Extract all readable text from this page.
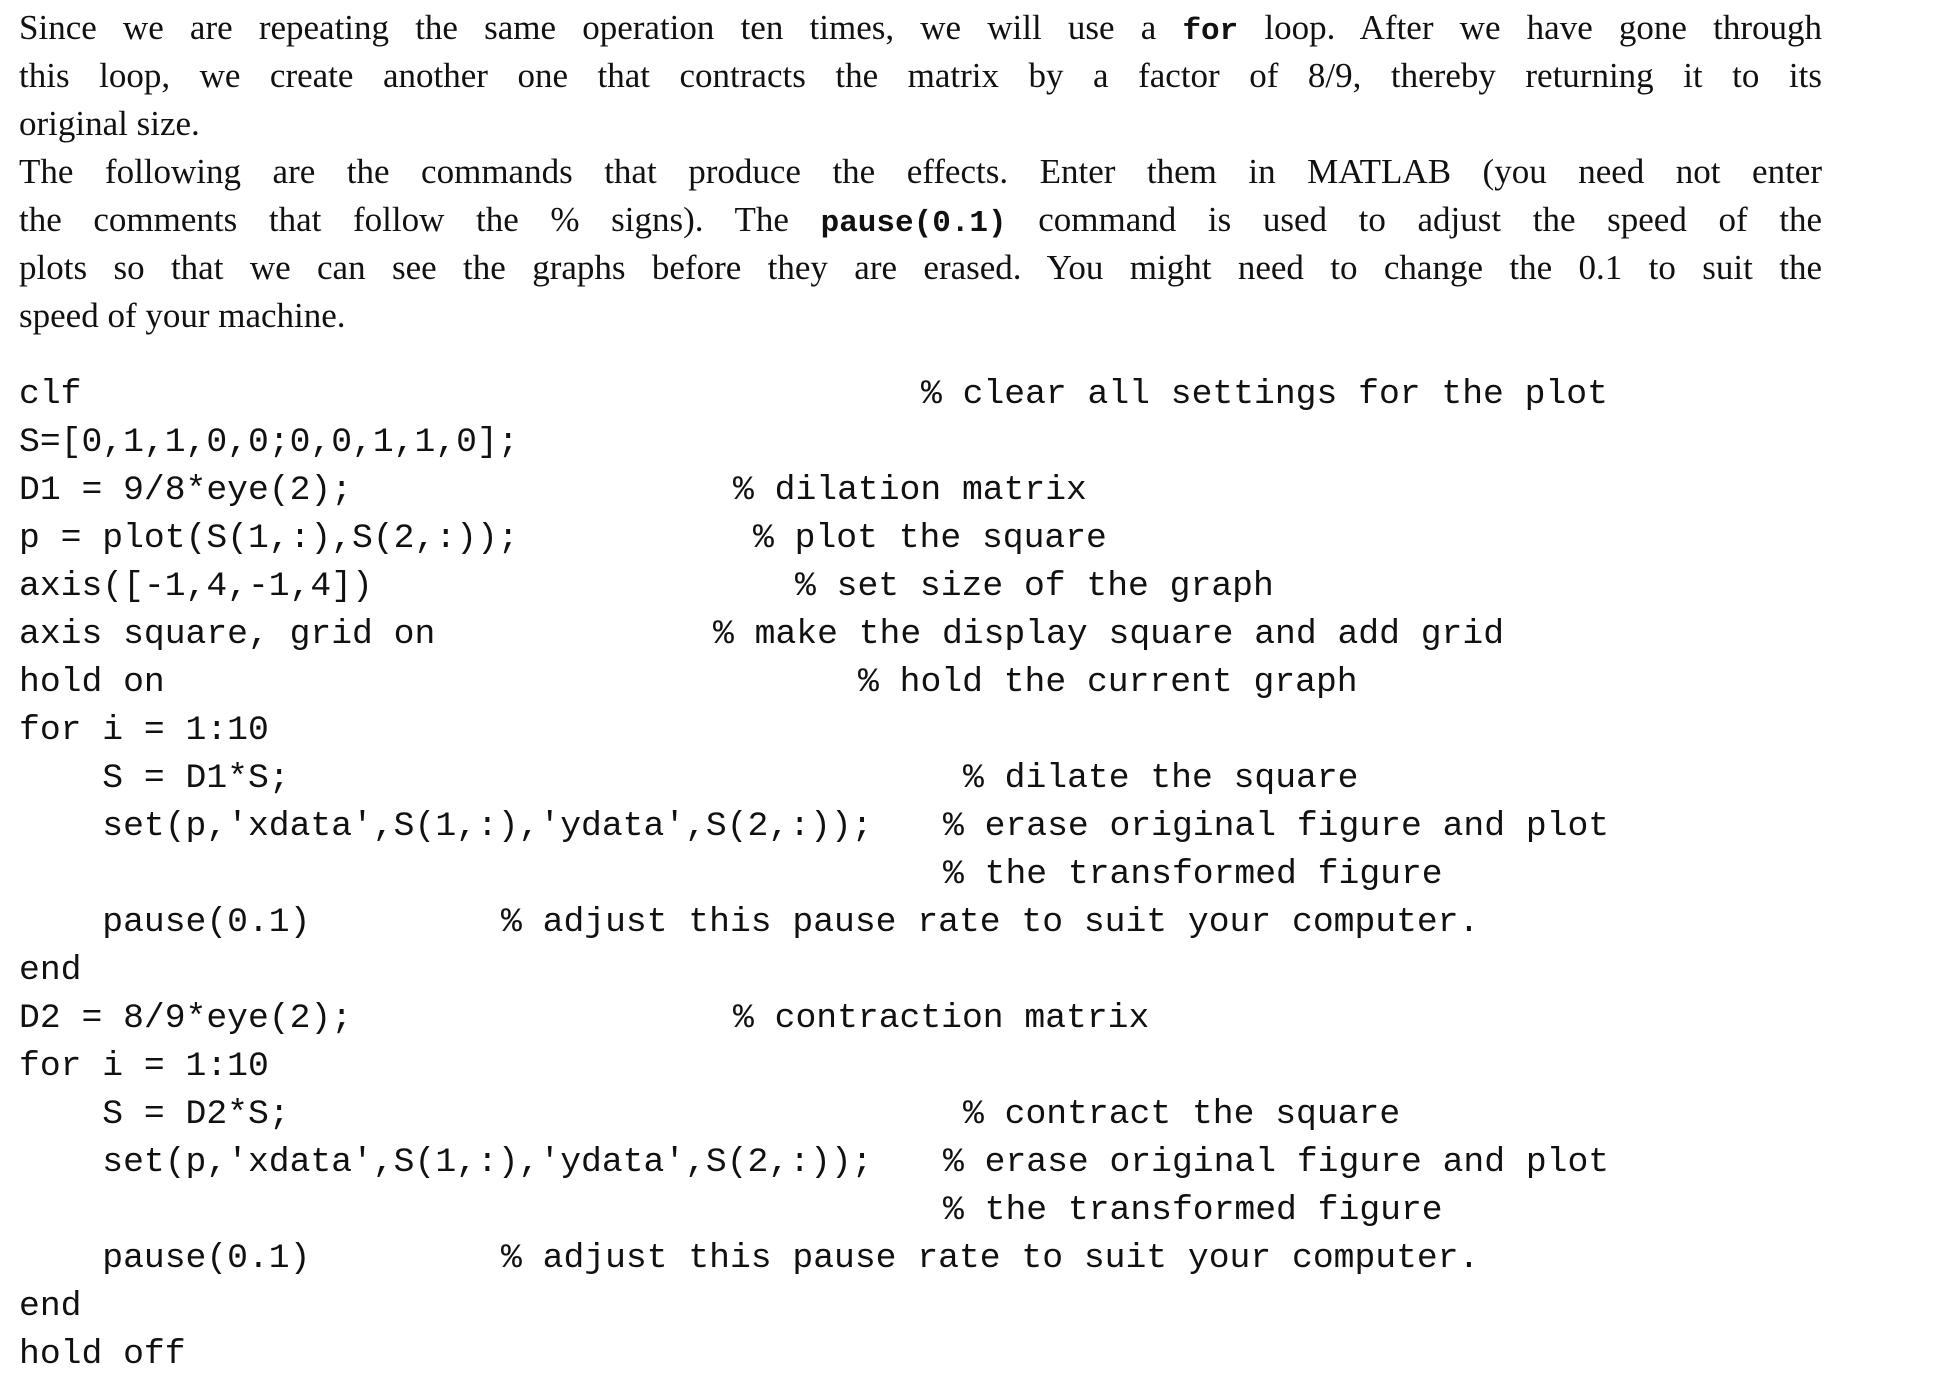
Since we are repeating the same operation ten times, we will use a for loop. After we have gone through
this loop, we create another one that contracts the matrix by a factor of 8/9, thereby returning it to its
original size.
The following are the commands that produce the effects. Enter them in MATLAB (you need not enter
the comments that follow the % signs). The pause(0.1) command is used to adjust the speed of the
plots so that we can see the graphs before they are erased. You might need to change the 0.1 to suit the
speed of your machine.
clf	% clear all settings for the plot
S=[0,1,1,0,0;0,0,1,1,0];
D1 = 9/8*eye(2);	% dilation matrix
p = plot(S(1,:),S(2,:));	% plot the square
axis([-1,4,-1,4])	% set size of the graph
axis square, grid on	% make the display square and add grid
hold on	% hold the current graph
for i = 1:10
S = D1*S;	% dilate the square
set(p,'xdata',S(1,:),'ydata',S(2,:)); % erase original figure and plot
% the transformed figure
pause(0.1)	% adjust this pause rate to suit your computer.
end
D2 = 8/9*eye(2);	% contraction matrix
for i = 1:10
S = D2*S;	% contract the square
set(p,'xdata',S(1,:),'ydata',S(2,:)); % erase original figure and plot
% the transformed figure
pause(0.1)	% adjust this pause rate to suit your computer.
end
hold off
